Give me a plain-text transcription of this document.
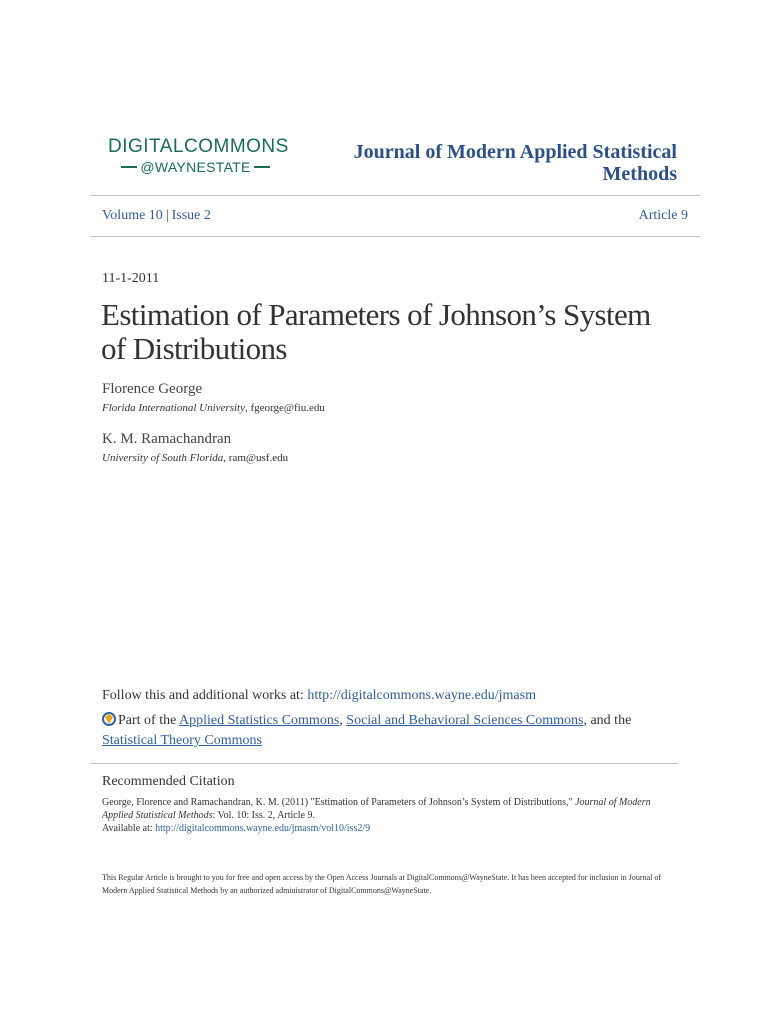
DIGITALCOMMONS
@WAYNESTATE
Journal of Modern Applied Statistical Methods
Volume 10 | Issue 2	Article 9
11-1-2011
Estimation of Parameters of Johnson’s System of Distributions
Florence George
Florida International University, fgeorge@fiu.edu
K. M. Ramachandran
University of South Florida, ram@usf.edu
Follow this and additional works at: http://digitalcommons.wayne.edu/jmasm
Part of the Applied Statistics Commons, Social and Behavioral Sciences Commons, and the
Statistical Theory Commons
Recommended Citation
George, Florence and Ramachandran, K. M. (2011) "Estimation of Parameters of Johnson’s System of Distributions," Journal of Modern Applied Statistical Methods: Vol. 10: Iss. 2, Article 9.
Available at: http://digitalcommons.wayne.edu/jmasm/vol10/iss2/9
This Regular Article is brought to you for free and open access by the Open Access Journals at DigitalCommons@WayneState. It has been accepted for inclusion in Journal of Modern Applied Statistical Methods by an authorized administrator of DigitalCommons@WayneState.
